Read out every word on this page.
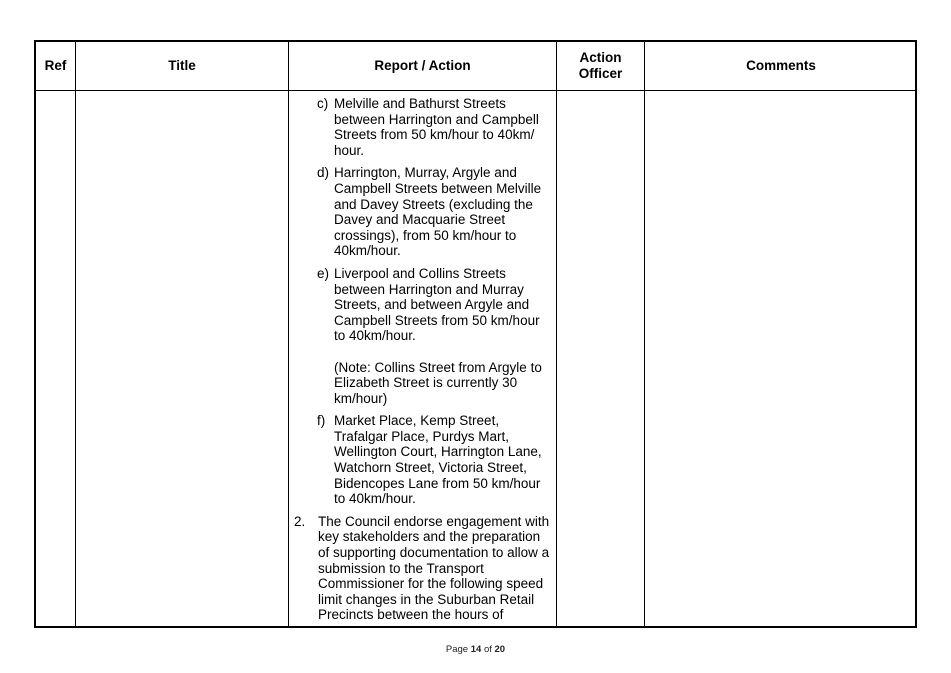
Ref	Title	Report / Action
Action
Officer
Comments
c) Melville and Bathurst Streets between Harrington and Campbell Streets from 50 km/hour to 40km/ hour.
d) Harrington, Murray, Argyle and Campbell Streets between Melville and Davey Streets (excluding the Davey and Macquarie Street crossings), from 50 km/hour to 40km/hour.
e) Liverpool and Collins Streets between Harrington and Murray Streets, and between Argyle and Campbell Streets from 50 km/hour to 40km/hour.
(Note: Collins Street from Argyle to Elizabeth Street is currently 30 km/hour)
f) Market Place, Kemp Street, Trafalgar Place, Purdys Mart, Wellington Court, Harrington Lane, Watchorn Street, Victoria Street, Bidencopes Lane from 50 km/hour to 40km/hour.
2. The Council endorse engagement with key stakeholders and the preparation of supporting documentation to allow a submission to the Transport Commissioner for the following speed limit changes in the Suburban Retail Precincts between the hours of
Page 14 of 20
